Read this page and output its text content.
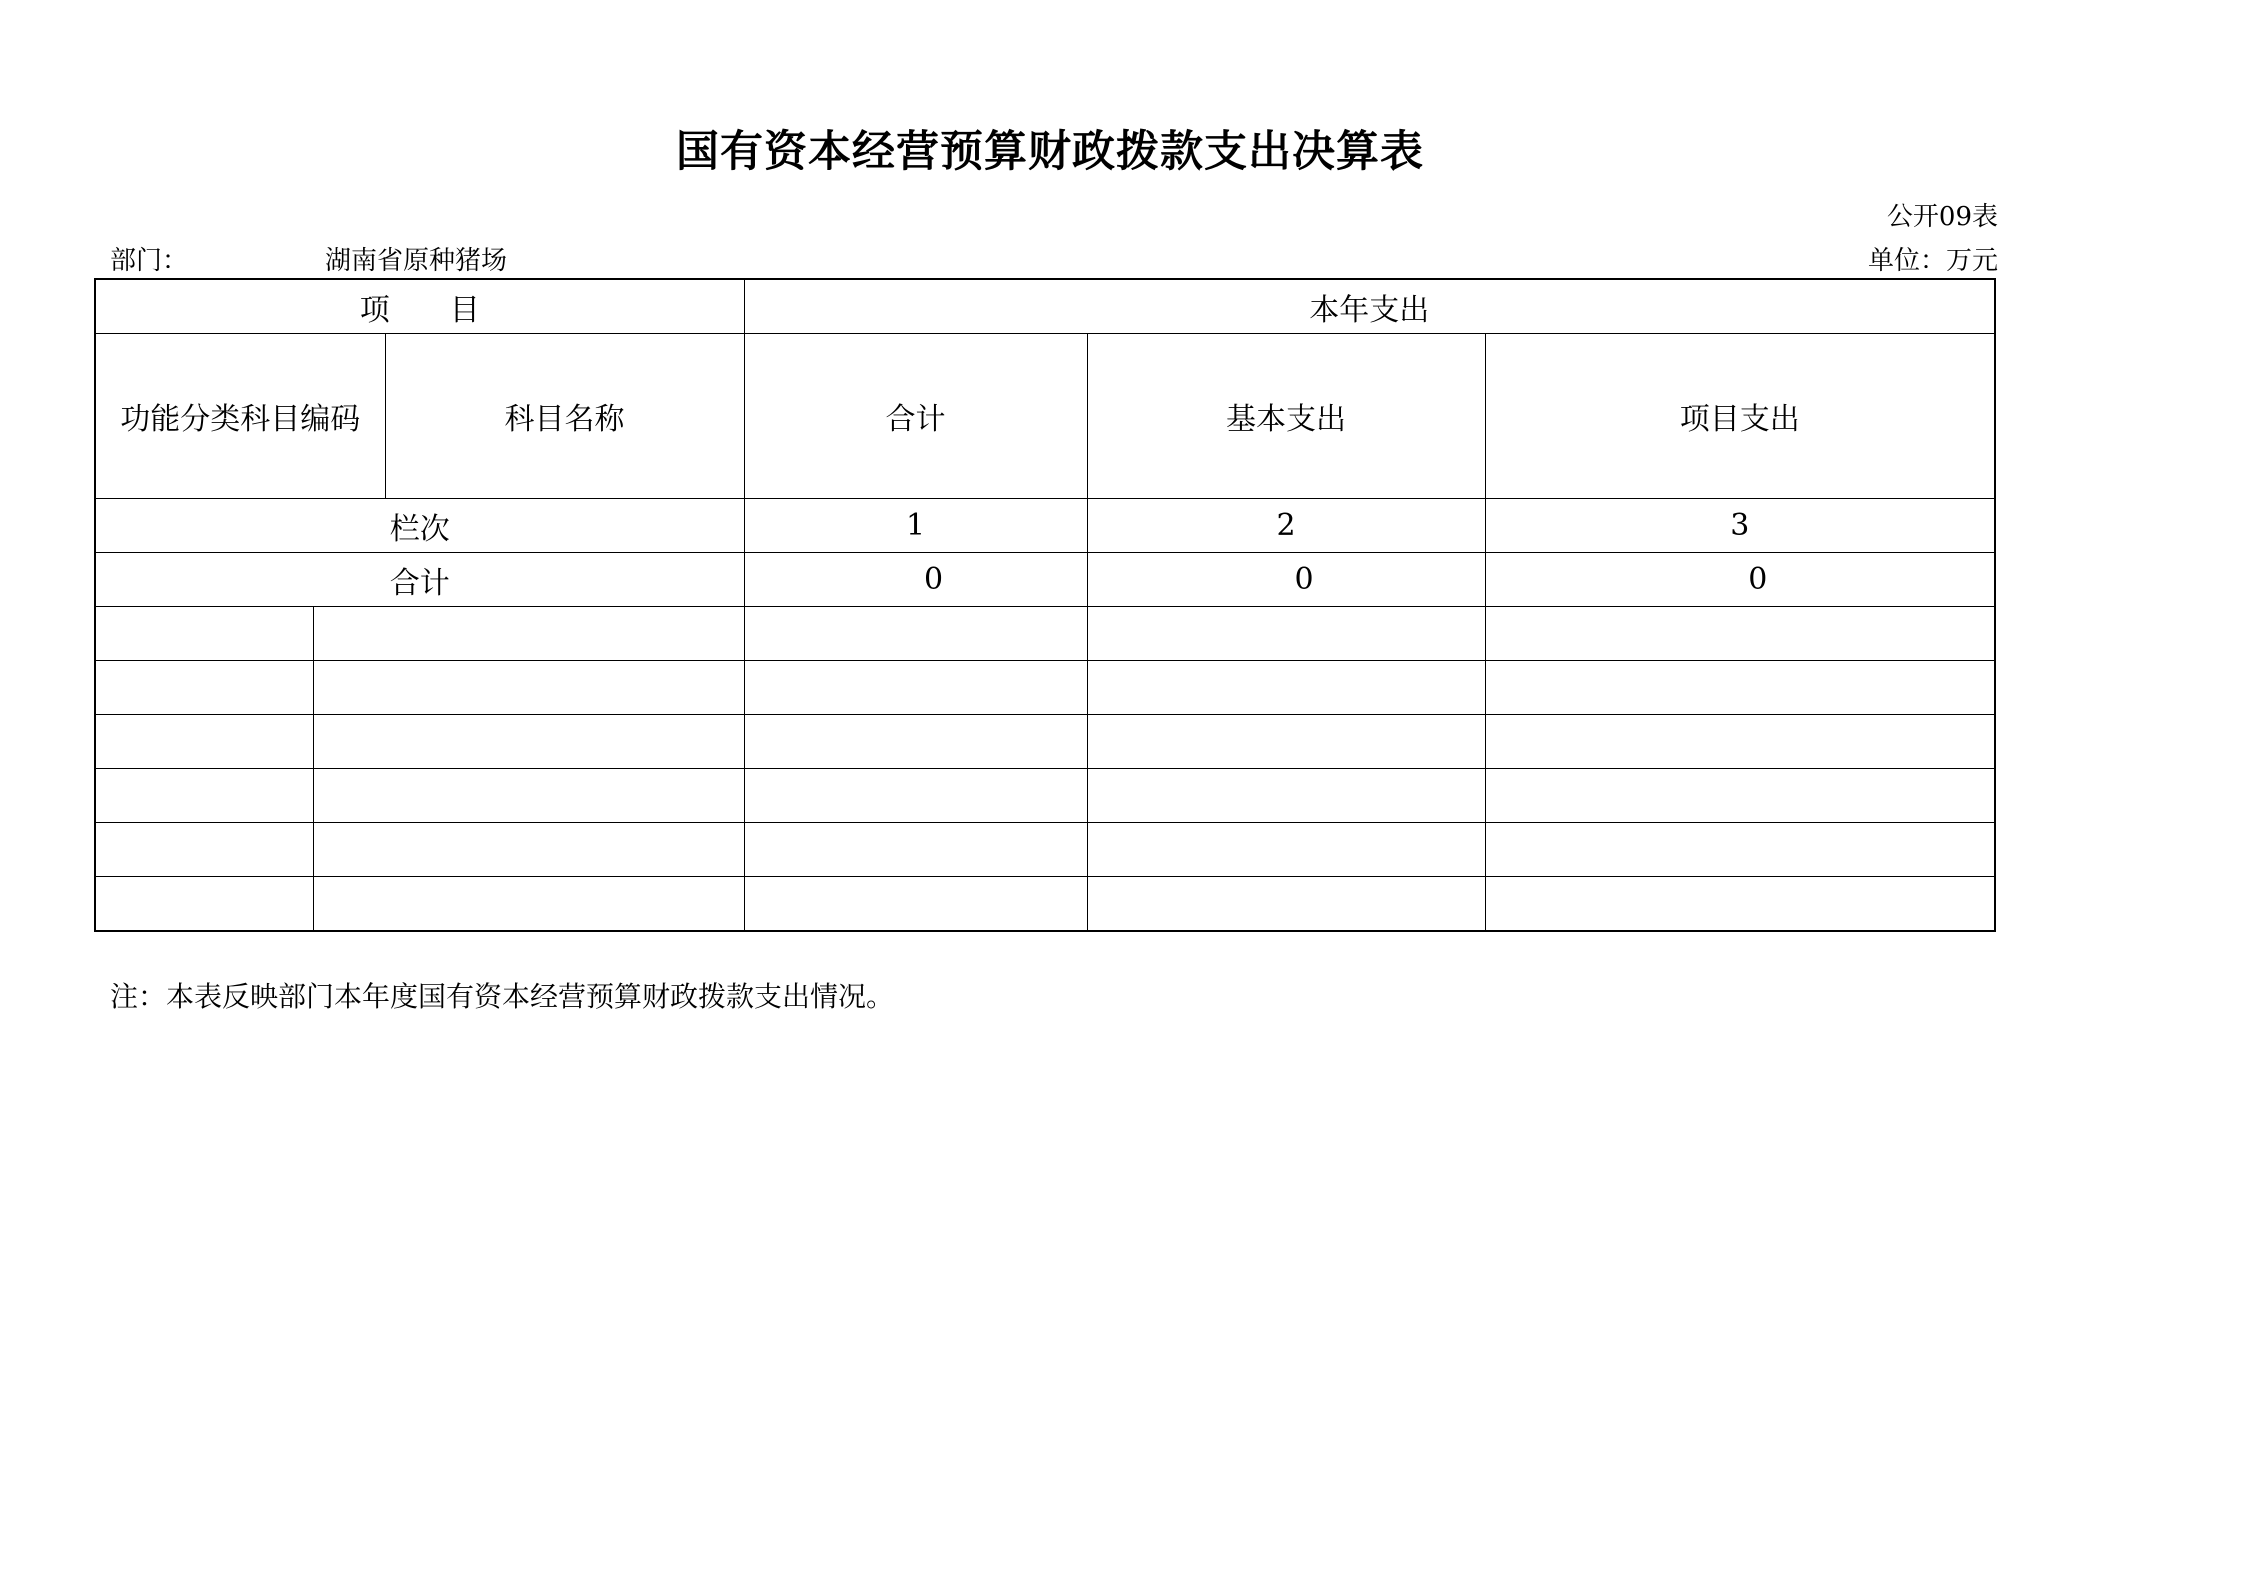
国有资本经营预算财政拨款支出决算表
公开09表
部门：	湖南省原种猪场	单位：万元
项　　目			本年支出		
功能分类科目编码		科目名称	合计	基本支出	项目支出
栏次			1	2	3
合计			0	0	0

注：本表反映部门本年度国有资本经营预算财政拨款支出情况。
